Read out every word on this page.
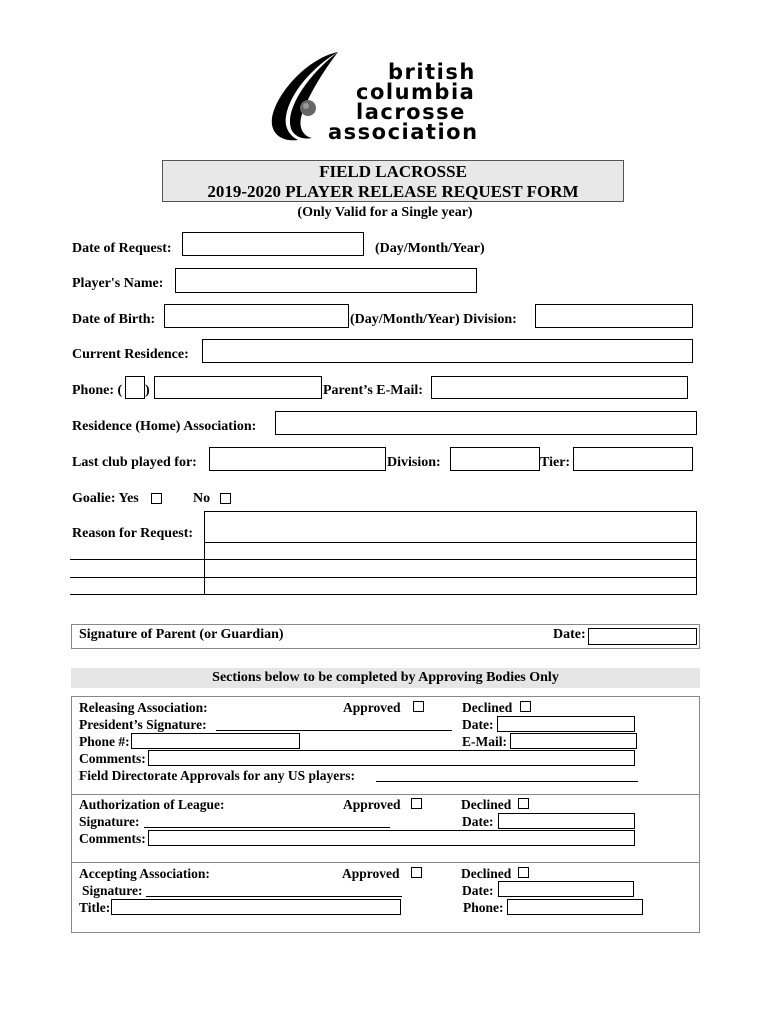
british
columbia
lacrosse
association
FIELD LACROSSE
2019-2020 PLAYER RELEASE REQUEST FORM
(Only Valid for a Single year)
Date of Request:	(Day/Month/Year)
Player's Name:
Date of Birth:	(Day/Month/Year) Division:
Current Residence:
Phone: ( )	Parent’s E-Mail:
Residence (Home) Association:
Last club played for:	Division:	Tier:
Goalie: Yes	No
Reason for Request:
Signature of Parent (or Guardian)	Date:
Sections below to be completed by Approving Bodies Only
Releasing Association:	Approved	Declined
President’s Signature:	Date:
Phone #:	E-Mail:
Comments:
Field Directorate Approvals for any US players:
Authorization of League:	Approved	Declined
Signature:	Date:
Comments:
Accepting Association:	Approved	Declined
Signature:	Date:
Title:	Phone:
